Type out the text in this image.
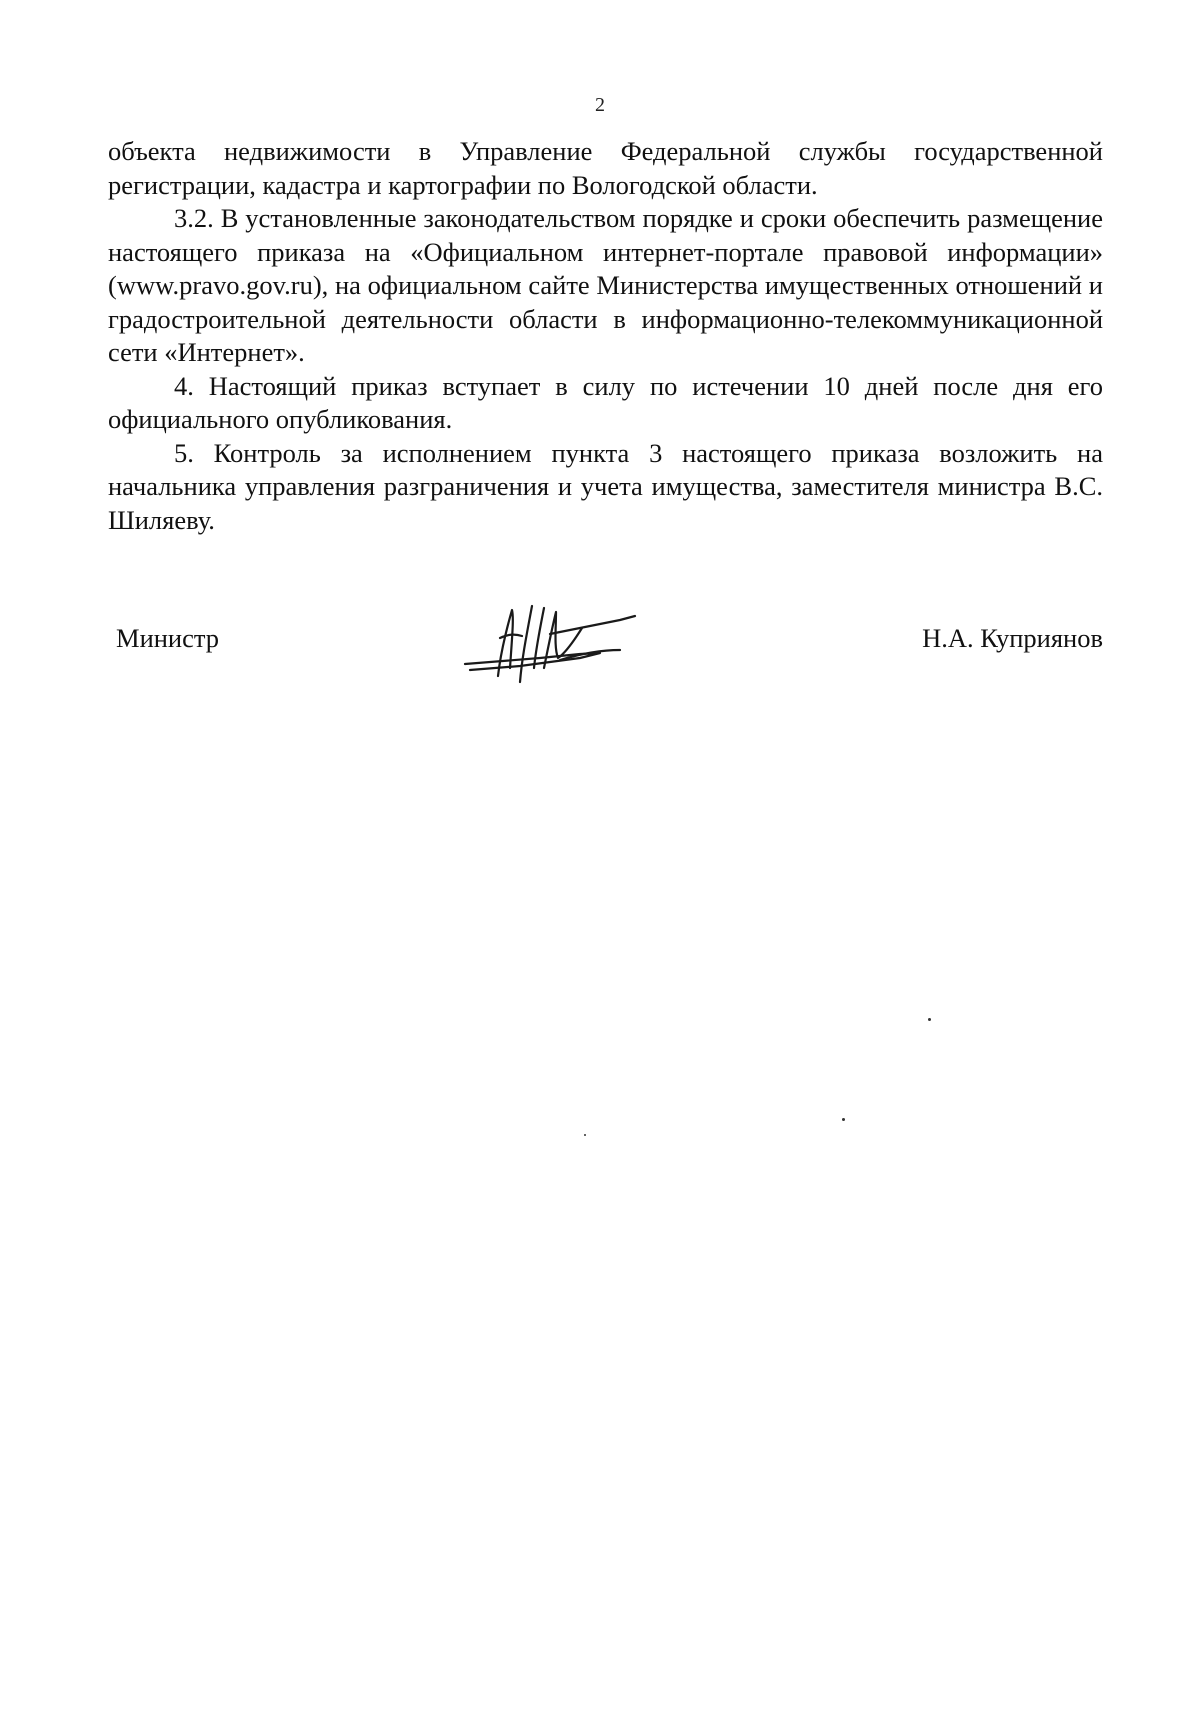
2

объекта недвижимости в Управление Федеральной службы государственной регистрации, кадастра и картографии по Вологодской области.

3.2. В установленные законодательством порядке и сроки обеспечить размещение настоящего приказа на «Официальном интернет-портале правовой информации» (www.pravo.gov.ru), на официальном сайте Министерства имущественных отношений и градостроительной деятельности области в информационно-телекоммуникационной сети «Интернет».

4. Настоящий приказ вступает в силу по истечении 10 дней после дня его официального опубликования.

5. Контроль за исполнением пункта 3 настоящего приказа возложить на начальника управления разграничения и учета имущества, заместителя министра В.С. Шиляеву.

Министр	Н.А. Куприянов
